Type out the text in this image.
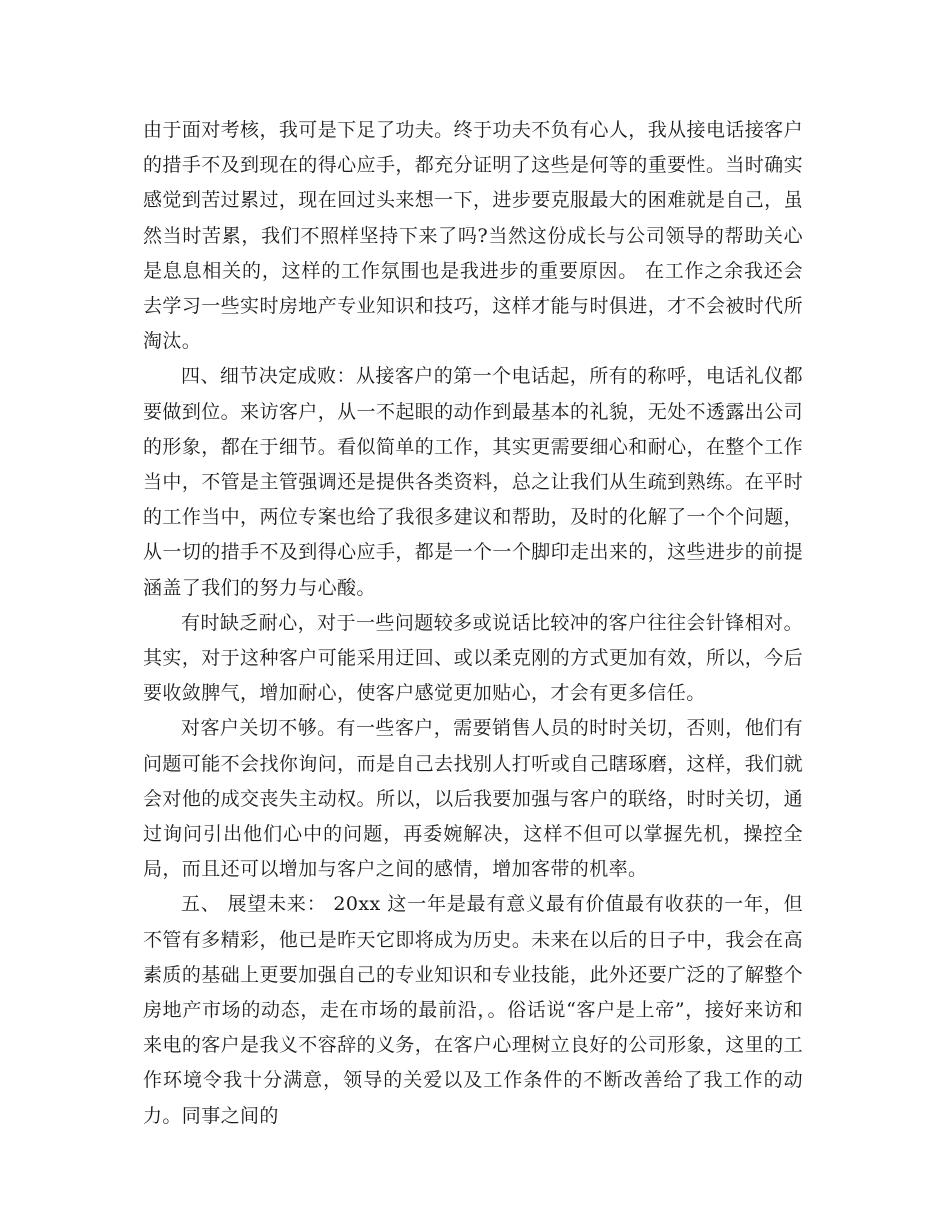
由于面对考核，我可是下足了功夫。终于功夫不负有心人，我从接电话接客户的措手不及到现在的得心应手，都充分证明了这些是何等的重要性。当时确实感觉到苦过累过，现在回过头来想一下，进步要克服最大的困难就是自己，虽然当时苦累，我们不照样坚持下来了吗?当然这份成长与公司领导的帮助关心是息息相关的，这样的工作氛围也是我进步的重要原因。 在工作之余我还会去学习一些实时房地产专业知识和技巧，这样才能与时俱进，才不会被时代所淘汰。

四、细节决定成败：从接客户的第一个电话起，所有的称呼，电话礼仪都要做到位。来访客户，从一不起眼的动作到最基本的礼貌，无处不透露出公司的形象，都在于细节。看似简单的工作，其实更需要细心和耐心，在整个工作当中，不管是主管强调还是提供各类资料，总之让我们从生疏到熟练。在平时的工作当中，两位专案也给了我很多建议和帮助，及时的化解了一个个问题，从一切的措手不及到得心应手，都是一个一个脚印走出来的，这些进步的前提涵盖了我们的努力与心酸。

有时缺乏耐心，对于一些问题较多或说话比较冲的客户往往会针锋相对。其实，对于这种客户可能采用迂回、或以柔克刚的方式更加有效，所以，今后要收敛脾气，增加耐心，使客户感觉更加贴心，才会有更多信任。

对客户关切不够。有一些客户，需要销售人员的时时关切，否则，他们有问题可能不会找你询问，而是自己去找别人打听或自己瞎琢磨，这样，我们就会对他的成交丧失主动权。所以，以后我要加强与客户的联络，时时关切，通过询问引出他们心中的问题，再委婉解决，这样不但可以掌握先机，操控全局，而且还可以增加与客户之间的感情，增加客带的机率。

五、 展望未来： 20xx 这一年是最有意义最有价值最有收获的一年，但不管有多精彩，他已是昨天它即将成为历史。未来在以后的日子中，我会在高素质的基础上更要加强自己的专业知识和专业技能，此外还要广泛的了解整个房地产市场的动态，走在市场的最前沿，。俗话说“客户是上帝”，接好来访和来电的客户是我义不容辞的义务，在客户心理树立良好的公司形象，这里的工作环境令我十分满意，领导的关爱以及工作条件的不断改善给了我工作的动力。同事之间的
